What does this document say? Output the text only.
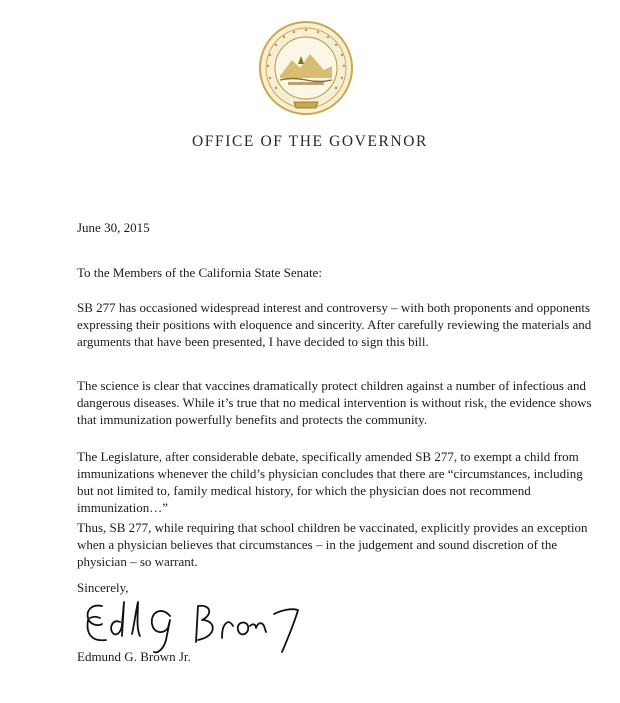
OFFICE OF THE GOVERNOR

June 30, 2015

To the Members of the California State Senate:

SB 277 has occasioned widespread interest and controversy – with both proponents and opponents expressing their positions with eloquence and sincerity. After carefully reviewing the materials and arguments that have been presented, I have decided to sign this bill.

The science is clear that vaccines dramatically protect children against a number of infectious and dangerous diseases. While it’s true that no medical intervention is without risk, the evidence shows that immunization powerfully benefits and protects the community.

The Legislature, after considerable debate, specifically amended SB 277, to exempt a child from immunizations whenever the child’s physician concludes that there are “circumstances, including but not limited to, family medical history, for which the physician does not recommend immunization…”

Thus, SB 277, while requiring that school children be vaccinated, explicitly provides an exception when a physician believes that circumstances – in the judgement and sound discretion of the physician – so warrant.

Sincerely,

Edmund G. Brown Jr.
